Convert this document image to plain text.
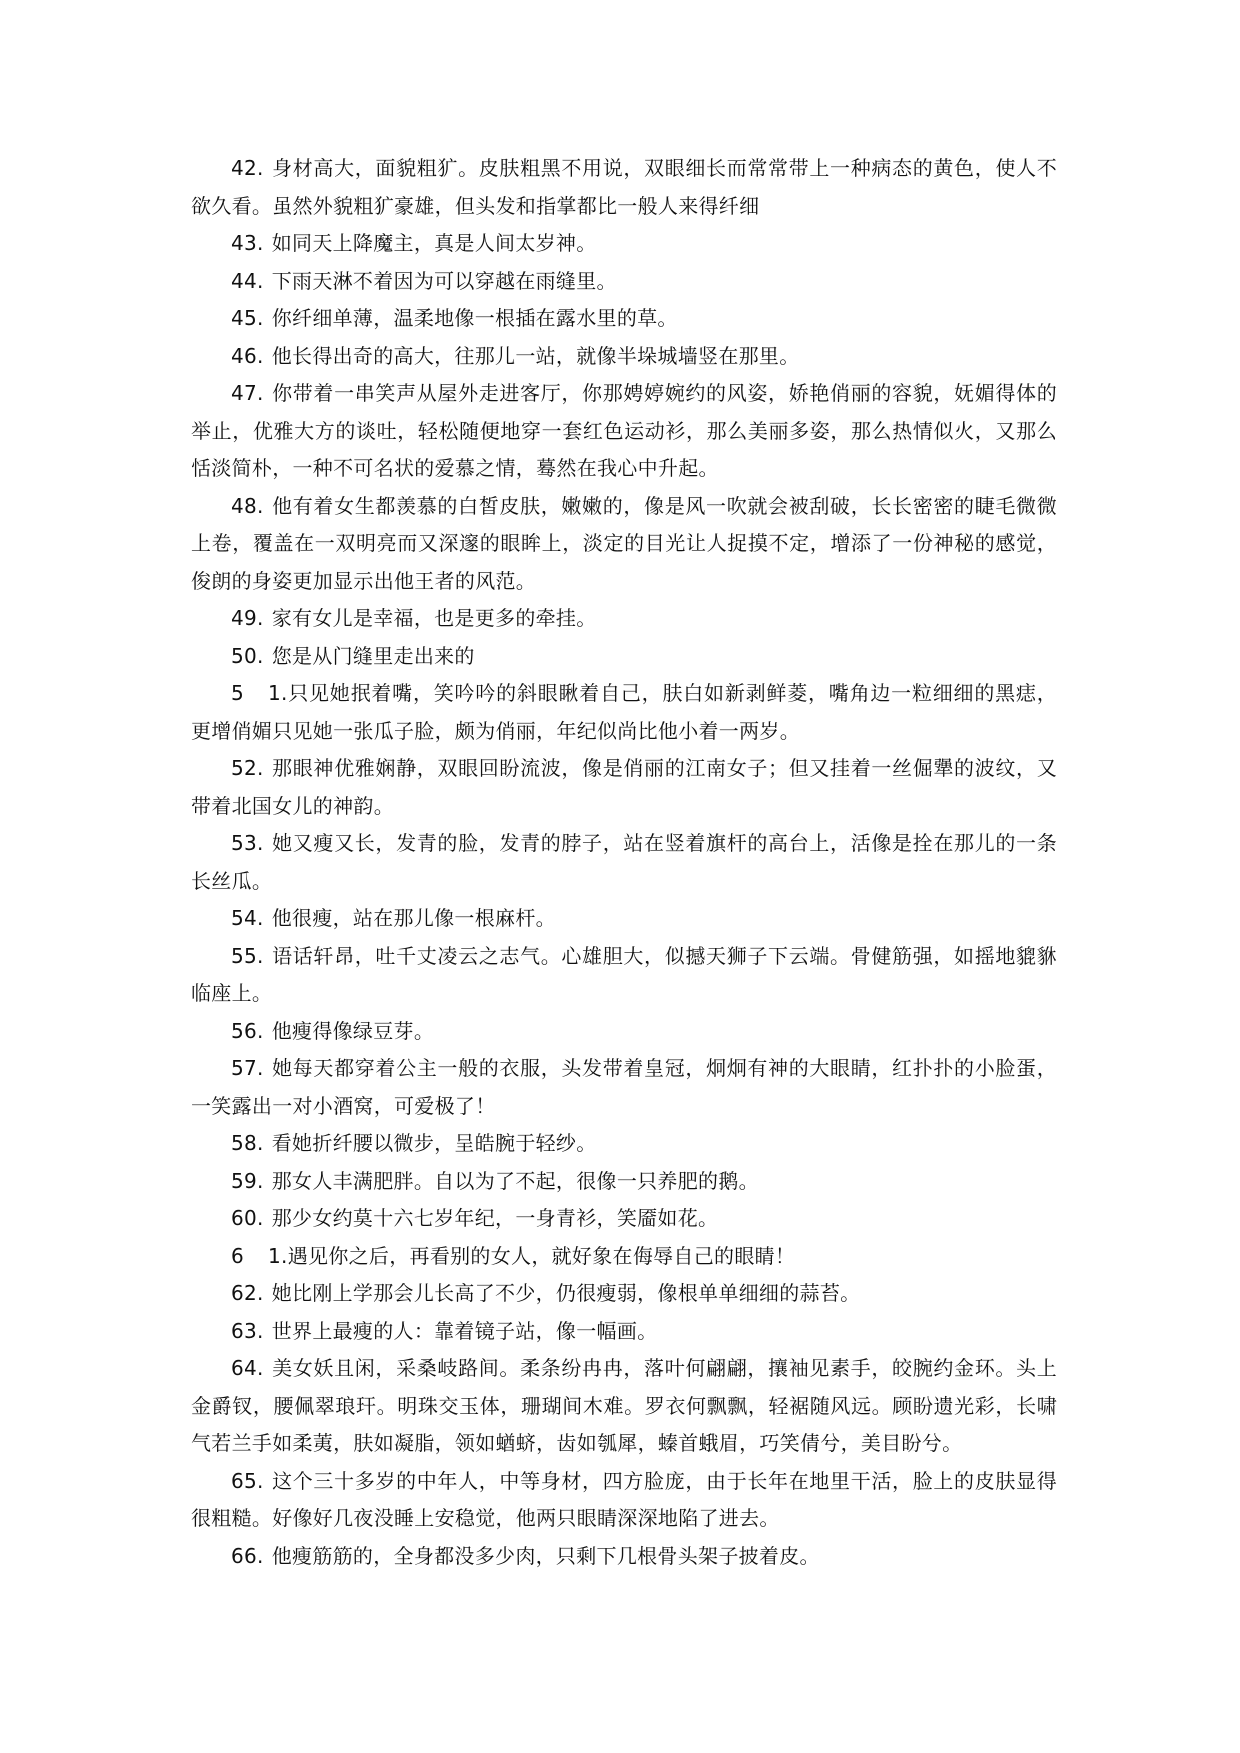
42. 身材高大，面貌粗犷。皮肤粗黑不用说，双眼细长而常常带上一种病态的黄色，使人不欲久看。虽然外貌粗犷豪雄，但头发和指掌都比一般人来得纤细

43. 如同天上降魔主，真是人间太岁神。

44. 下雨天淋不着因为可以穿越在雨缝里。

45. 你纤细单薄，温柔地像一根插在露水里的草。

46. 他长得出奇的高大，往那儿一站，就像半垛城墙竖在那里。

47. 你带着一串笑声从屋外走进客厅，你那娉婷婉约的风姿，娇艳俏丽的容貌，妩媚得体的举止，优雅大方的谈吐，轻松随便地穿一套红色运动衫，那么美丽多姿，那么热情似火，又那么恬淡简朴，一种不可名状的爱慕之情，蓦然在我心中升起。

48. 他有着女生都羡慕的白皙皮肤，嫩嫩的，像是风一吹就会被刮破，长长密密的睫毛微微上卷，覆盖在一双明亮而又深邃的眼眸上，淡定的目光让人捉摸不定，增添了一份神秘的感觉，俊朗的身姿更加显示出他王者的风范。

49. 家有女儿是幸福，也是更多的牵挂。

50. 您是从门缝里走出来的

5 1.只见她抿着嘴，笑吟吟的斜眼瞅着自己，肤白如新剥鲜菱，嘴角边一粒细细的黑痣，更增俏媚只见她一张瓜子脸，颇为俏丽，年纪似尚比他小着一两岁。

52. 那眼神优雅娴静，双眼回盼流波，像是俏丽的江南女子；但又挂着一丝倔犟的波纹，又带着北国女儿的神韵。

53. 她又瘦又长，发青的脸，发青的脖子，站在竖着旗杆的高台上，活像是拴在那儿的一条长丝瓜。

54. 他很瘦，站在那儿像一根麻杆。

55. 语话轩昂，吐千丈凌云之志气。心雄胆大，似撼天狮子下云端。骨健筋强，如摇地貔貅临座上。

56. 他瘦得像绿豆芽。

57. 她每天都穿着公主一般的衣服，头发带着皇冠，炯炯有神的大眼睛，红扑扑的小脸蛋，一笑露出一对小酒窝，可爱极了！

58. 看她折纤腰以微步，呈皓腕于轻纱。

59. 那女人丰满肥胖。自以为了不起，很像一只养肥的鹅。

60. 那少女约莫十六七岁年纪，一身青衫，笑靥如花。

6 1.遇见你之后，再看别的女人，就好象在侮辱自己的眼睛！

62. 她比刚上学那会儿长高了不少，仍很瘦弱，像根单单细细的蒜苔。

63. 世界上最瘦的人：靠着镜子站，像一幅画。

64. 美女妖且闲，采桑岐路间。柔条纷冉冉，落叶何翩翩，攘袖见素手，皎腕约金环。头上金爵钗，腰佩翠琅玕。明珠交玉体，珊瑚间木难。罗衣何飘飘，轻裾随风远。顾盼遗光彩，长啸气若兰手如柔荑，肤如凝脂，领如蝤蛴，齿如瓠犀，螓首蛾眉，巧笑倩兮，美目盼兮。

65. 这个三十多岁的中年人，中等身材，四方脸庞，由于长年在地里干活，脸上的皮肤显得很粗糙。好像好几夜没睡上安稳觉，他两只眼睛深深地陷了进去。

66. 他瘦筋筋的，全身都没多少肉，只剩下几根骨头架子披着皮。
